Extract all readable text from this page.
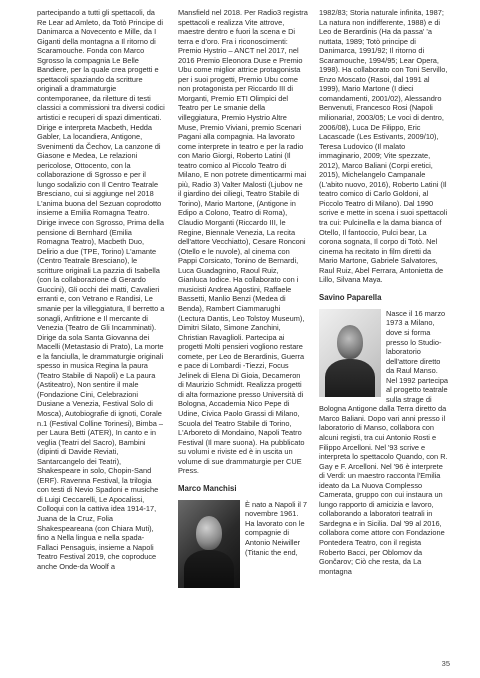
partecipando a tutti gli spettacoli, da Re Lear ad Amleto, da Totò Principe di Danimarca a Novecento e Mille, da I Giganti della montagna a Il ritorno di Scaramouche. Fonda con Marco Sgrosso la compagnia Le Belle Bandiere, per la quale crea progetti e spettacoli spaziando da scritture originali a drammaturgie contemporanee, da riletture di testi classici a commissioni tra diversi codici artistici e recuperi di spazi dimenticati. Dirige e interpreta Macbeth, Hedda Gabler, La locandiera, Antigone, Svenimenti da Čechov, La canzone di Giasone e Medea, Le relazioni pericolose, Ottocento, con la collaborazione di Sgrosso e per il lungo sodalizio con Il Centro Teatrale Bresciano, cui si aggiunge nel 2018 L'anima buona del Sezuan coprodotto insieme a Emilia Romagna Teatro. Dirige invece con Sgrosso, Prima della pensione di Bernhard (Emilia Romagna Teatro), Macbeth Duo, Delirio a due (TPE, Torino) L'amante (Centro Teatrale Bresciano), le scritture originali La pazzia di Isabella (con la collaborazione di Gerardo Guccini), Gli occhi dei matti, Cavalieri erranti e, con Vetrano e Randisi, Le smanie per la villeggiatura, Il berretto a sonagli, Anfitrione e Il mercante di Venezia (Teatro de Gli Incamminati). Dirige da sola Santa Giovanna dei Macelli (Metastasio di Prato), La morte e la fanciulla, le drammaturgie originali spesso in musica Regina la paura (Teatro Stabile di Napoli) e La paura (Astiteatro), Non sentire il male (Fondazione Cini, Celebrazioni Dusiane a Venezia, Festival Solo di Mosca), Autobiografie di ignoti, Corale n.1 (Festival Colline Torinesi), Bimba – per Laura Betti (ATER), In canto e in veglia (Teatri del Sacro), Bambini (dipinti di Davide Reviati, Santarcangelo dei Teatri), Shakespeare in solo, Chopin-Sand (ERF). Ravenna Festival, la trilogia con testi di Nevio Spadoni e musiche di Luigi Ceccarelli, Le Apocalissi, Colloqui con la cattiva idea 1914-17, Juana de la Cruz, Folia Shakespeareana (con Chiara Muti), fino a Nella lingua e nella spada-Fallaci Pensaguis, insieme a Napoli Teatro Festival 2019, che coproduce anche Onde-da Woolf a

Mansfield nel 2018. Per Radio3 registra spettacoli e realizza Vite attrove, maestre dentro e fuori la scena e Di terra e d'oro. Fra i riconoscimenti: Premio Hystrio – ANCT nel 2017, nel 2016 Premio Eleonora Duse e Premio Ubu come miglior attrice protagonista per i suoi progetti, Premio Ubu come non protagonista per Riccardo III di Morganti, Premio ETI Olimpici del Teatro per Le smanie della villeggiatura, Premio Hystrio Altre Muse, Premio Viviani, premio Scenari Pagani alla compagnia. Ha lavorato come interprete in teatro e per la radio con Mario Giorgi, Roberto Latini (Il teatro comico al Piccolo Teatro di Milano, E non potrete dimenticarmi mai più, Radio 3) Valter Malosti (Ljubov ne il giardino dei ciliegi, Teatro Stabile di Torino), Mario Martone, (Antigone in Edipo a Colono, Teatro di Roma), Claudio Morganti (Riccardo III, le Regine, Biennale Venezia, La recita dell'attore Vecchiatto), Cesare Ronconi (Otello e le nuvole), al cinema con Pappi Corsicato, Tonino de Bernardi, Luca Guadagnino, Raoul Ruiz, Gianluca Iodice. Ha collaborato con i musicisti Andrea Agostini, Raffaele Bassetti, Manlio Benzi (Medea di Benda), Rambert Ciammarughi (Lectura Dantis, Leo Tolstoy Museum), Dimitri Silato, Simone Zanchini, Christian Ravaglioli. Partecipa ai progetti Molti pensieri vogliono restare comete, per Leo de Berardinis, Guerra e pace di Lombardi -Tiezzi, Focus Jelinek di Elena Di Gioia, Decameron di Maurizio Schmidt. Realizza progetti di alta formazione presso Università di Bologna, Accademia Nico Pepe di Udine, Civica Paolo Grassi di Milano, Scuola del Teatro Stabile di Torino, L'Arboreto di Mondaino, Napoli Teatro Festival (Il mare suona). Ha pubblicato su volumi e riviste ed è in uscita un volume di sue drammaturgie per CUE Press.

Marco Manchisi

È nato a Napoli il 7 novembre 1961. Ha lavorato con le compagnie di Antonio Neiwiller (Titanic the end,

1982/83; Storia naturale infinita, 1987; La natura non indifferente, 1988) e di Leo de Berardinis (Ha da passa' 'a nuttata, 1989; Totò principe di Danimarca, 1991/92; Il ritorno di Scaramouche, 1994/95; Lear Opera, 1998). Ha collaborato con Toni Servillo, Enzo Moscato (Rasoi, dal 1991 al 1999), Mario Martone (I dieci comandamenti, 2001/02), Alessandro Benvenuti, Francesco Rosi (Napoli milionaria!, 2003/05; Le voci di dentro, 2006/08), Luca De Filippo, Eric Lacascade (Les Estivants, 2009/10), Teresa Ludovico (Il malato immaginario, 2009; Vite spezzate, 2012), Marco Baliani (Corpi eretici, 2015), Michelangelo Campanale (L'abito nuovo, 2016), Roberto Latini (Il teatro comico di Carlo Goldoni, al Piccolo Teatro di Milano). Dal 1990 scrive e mette in scena i suoi spettacoli tra cui: Pulcinella e la dama bianca of Otello, Il fantoccio, Pulci bear, La corona sognata, Il corpo di Totò. Nel cinema ha recitato in film diretti da Mario Martone, Gabriele Salvatores, Raul Ruiz, Abel Ferrara, Antonietta de Lillo, Silvana Maya.

Savino Paparella

Nasce il 16 marzo 1973 a Milano, dove si forma presso lo Studio-laboratorio dell'attore diretto da Raul Manso. Nel 1992 partecipa al progetto teatrale sulla strage di Bologna Antigone dalla Terra diretto da Marco Baliani. Dopo vari anni presso il laboratorio di Manso, collabora con alcuni registi, tra cui Antonio Rosti e Filippo Arcelloni. Nel '93 scrive e interpreta lo spettacolo Quando, con R. Gay e F. Arcelloni. Nel '96 è interprete di Verdi: un maestro racconta l'Emilia ideato da La Nuova Complesso Camerata, gruppo con cui instaura un lungo rapporto di amicizia e lavoro, collaborando a laboratori teatrali in Sardegna e in Sicilia. Dal '99 al 2016, collabora come attore con Fondazione Pontedera Teatro, con il regista Roberto Bacci, per Oblomov da Gončarov; Ciò che resta, da La montagna

35
